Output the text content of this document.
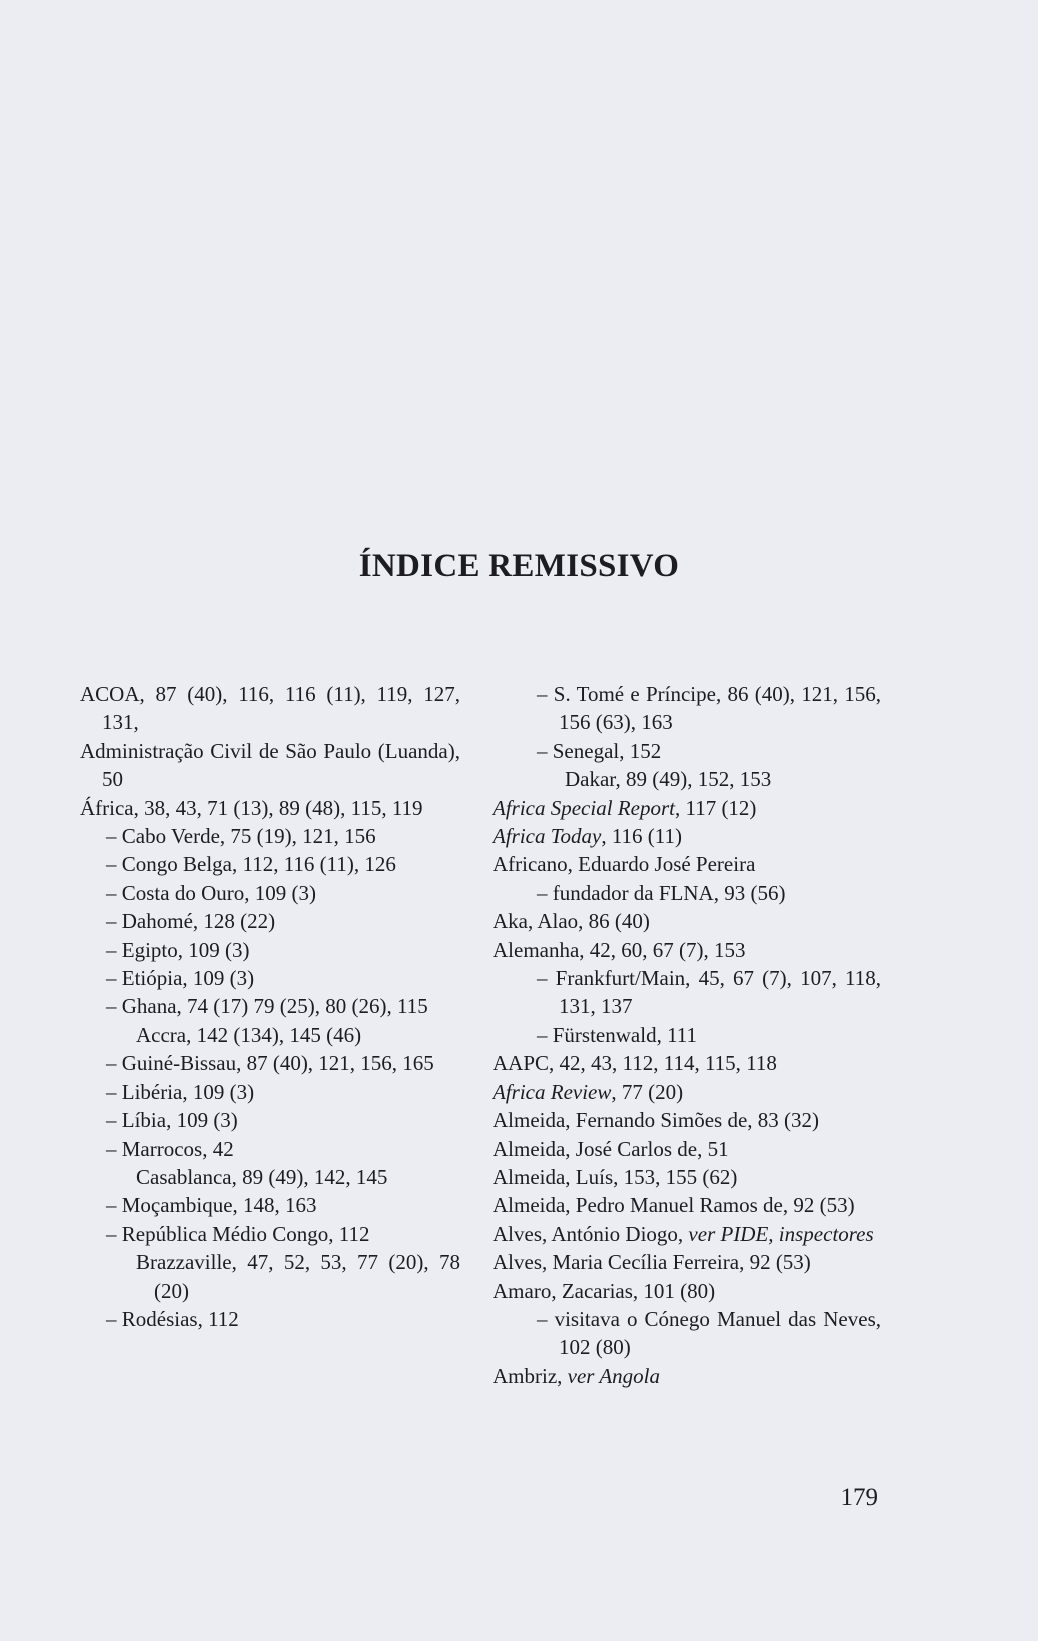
ÍNDICE REMISSIVO
ACOA, 87 (40), 116, 116 (11), 119, 127, 131,
Administração Civil de São Paulo (Luanda), 50
África, 38, 43, 71 (13), 89 (48), 115, 119
– Cabo Verde, 75 (19), 121, 156
– Congo Belga, 112, 116 (11), 126
– Costa do Ouro, 109 (3)
– Dahomé, 128 (22)
– Egipto, 109 (3)
– Etiópia, 109 (3)
– Ghana, 74 (17) 79 (25), 80 (26), 115
Accra, 142 (134), 145 (46)
– Guiné-Bissau, 87 (40), 121, 156, 165
– Libéria, 109 (3)
– Líbia, 109 (3)
– Marrocos, 42
Casablanca, 89 (49), 142, 145
– Moçambique, 148, 163
– República Médio Congo, 112
Brazzaville, 47, 52, 53, 77 (20), 78 (20)
– Rodésias, 112
– S. Tomé e Príncipe, 86 (40), 121, 156, 156 (63), 163
– Senegal, 152
Dakar, 89 (49), 152, 153
Africa Special Report, 117 (12)
Africa Today, 116 (11)
Africano, Eduardo José Pereira
– fundador da FLNA, 93 (56)
Aka, Alao, 86 (40)
Alemanha, 42, 60, 67 (7), 153
– Frankfurt/Main, 45, 67 (7), 107, 118, 131, 137
– Fürstenwald, 111
AAPC, 42, 43, 112, 114, 115, 118
Africa Review, 77 (20)
Almeida, Fernando Simões de, 83 (32)
Almeida, José Carlos de, 51
Almeida, Luís, 153, 155 (62)
Almeida, Pedro Manuel Ramos de, 92 (53)
Alves, António Diogo, ver PIDE, inspectores
Alves, Maria Cecília Ferreira, 92 (53)
Amaro, Zacarias, 101 (80)
– visitava o Cónego Manuel das Neves, 102 (80)
Ambriz, ver Angola
179
